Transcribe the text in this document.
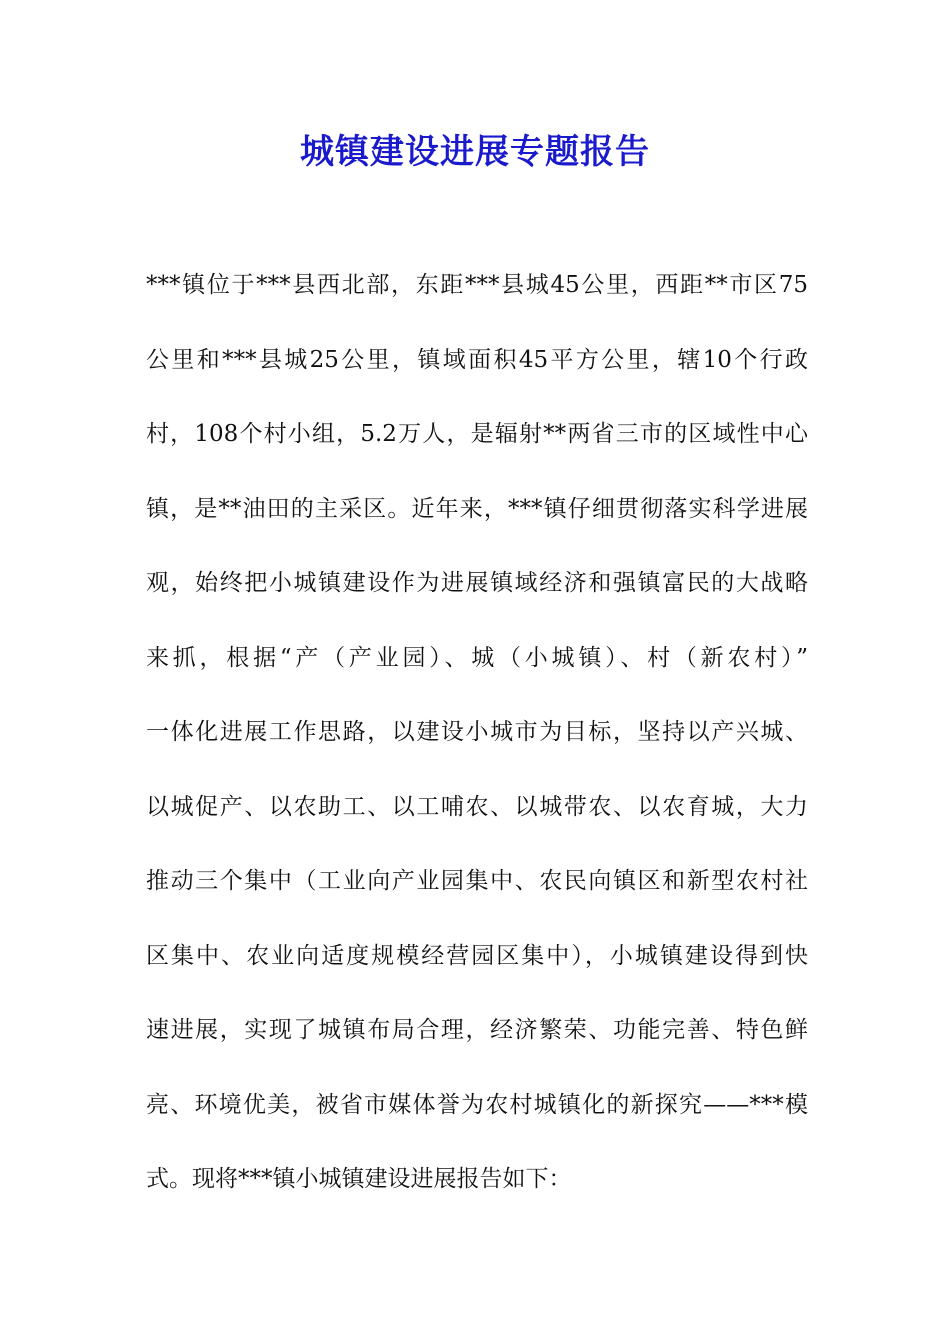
城镇建设进展专题报告
***镇位于***县西北部，东距***县城45公里，西距**市区75
公里和***县城25公里，镇域面积45平方公里，辖10个行政
村，108个村小组，5.2万人，是辐射**两省三市的区域性中心
镇，是**油田的主采区。近年来，***镇仔细贯彻落实科学进展
观，始终把小城镇建设作为进展镇域经济和强镇富民的大战略
来抓，根据“产（产业园）、城（小城镇）、村（新农村）”
一体化进展工作思路，以建设小城市为目标，坚持以产兴城、
以城促产、以农助工、以工哺农、以城带农、以农育城，大力
推动三个集中（工业向产业园集中、农民向镇区和新型农村社
区集中、农业向适度规模经营园区集中），小城镇建设得到快
速进展，实现了城镇布局合理，经济繁荣、功能完善、特色鲜
亮、环境优美，被省市媒体誉为农村城镇化的新探究——***模
式。现将***镇小城镇建设进展报告如下：
